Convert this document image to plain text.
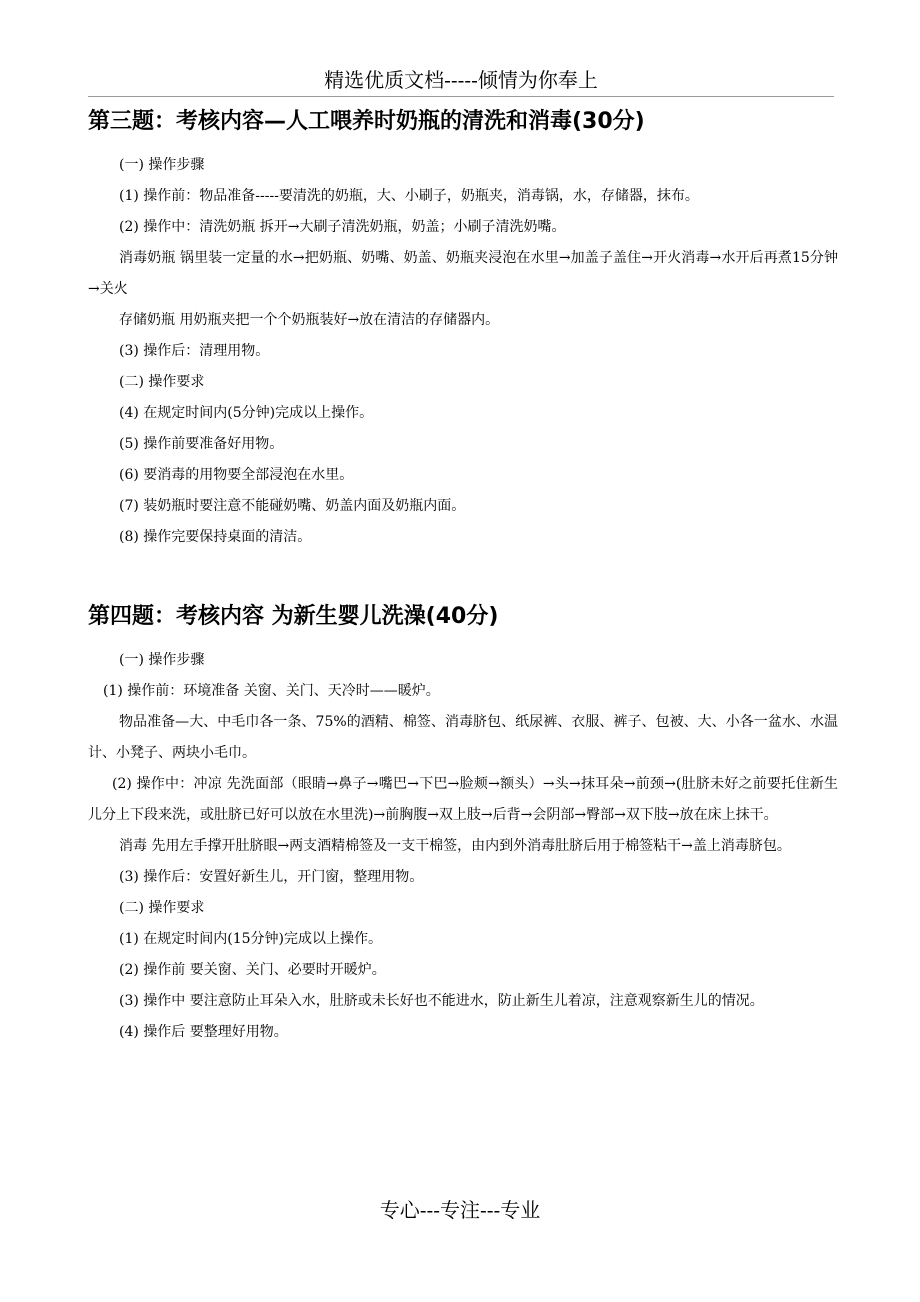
精选优质文档-----倾情为你奉上
第三题：考核内容—人工喂养时奶瓶的清洗和消毒(30分)

(一) 操作步骤

(1) 操作前：物品准备-----要清洗的奶瓶，大、小刷子，奶瓶夹，消毒锅，水，存储器，抹布。

(2) 操作中：清洗奶瓶 拆开→大刷子清洗奶瓶，奶盖；小刷子清洗奶嘴。

消毒奶瓶 锅里装一定量的水→把奶瓶、奶嘴、奶盖、奶瓶夹浸泡在水里→加盖子盖住→开火消毒→水开后再煮15分钟→关火

存储奶瓶 用奶瓶夹把一个个奶瓶装好→放在清洁的存储器内。

(3) 操作后：清理用物。

(二) 操作要求

(4) 在规定时间内(5分钟)完成以上操作。

(5) 操作前要准备好用物。

(6) 要消毒的用物要全部浸泡在水里。

(7) 装奶瓶时要注意不能碰奶嘴、奶盖内面及奶瓶内面。

(8) 操作完要保持桌面的清洁。

第四题：考核内容 为新生婴儿洗澡(40分)

(一) 操作步骤

(1) 操作前：环境准备 关窗、关门、天冷时——暖炉。

物品准备—大、中毛巾各一条、75%的酒精、棉签、消毒脐包、纸尿裤、衣服、裤子、包被、大、小各一盆水、水温计、小凳子、两块小毛巾。

(2) 操作中：冲凉 先洗面部（眼睛→鼻子→嘴巴→下巴→脸颊→额头）→头→抹耳朵→前颈→(肚脐未好之前要托住新生儿分上下段来洗，或肚脐已好可以放在水里洗)→前胸腹→双上肢→后背→会阴部→臀部→双下肢→放在床上抹干。

消毒 先用左手撑开肚脐眼→两支酒精棉签及一支干棉签，由内到外消毒肚脐后用于棉签粘干→盖上消毒脐包。

(3) 操作后：安置好新生儿，开门窗，整理用物。

(二) 操作要求

(1) 在规定时间内(15分钟)完成以上操作。

(2) 操作前 要关窗、关门、必要时开暖炉。

(3) 操作中 要注意防止耳朵入水，肚脐或未长好也不能进水，防止新生儿着凉，注意观察新生儿的情况。

(4) 操作后 要整理好用物。

专心---专注---专业
